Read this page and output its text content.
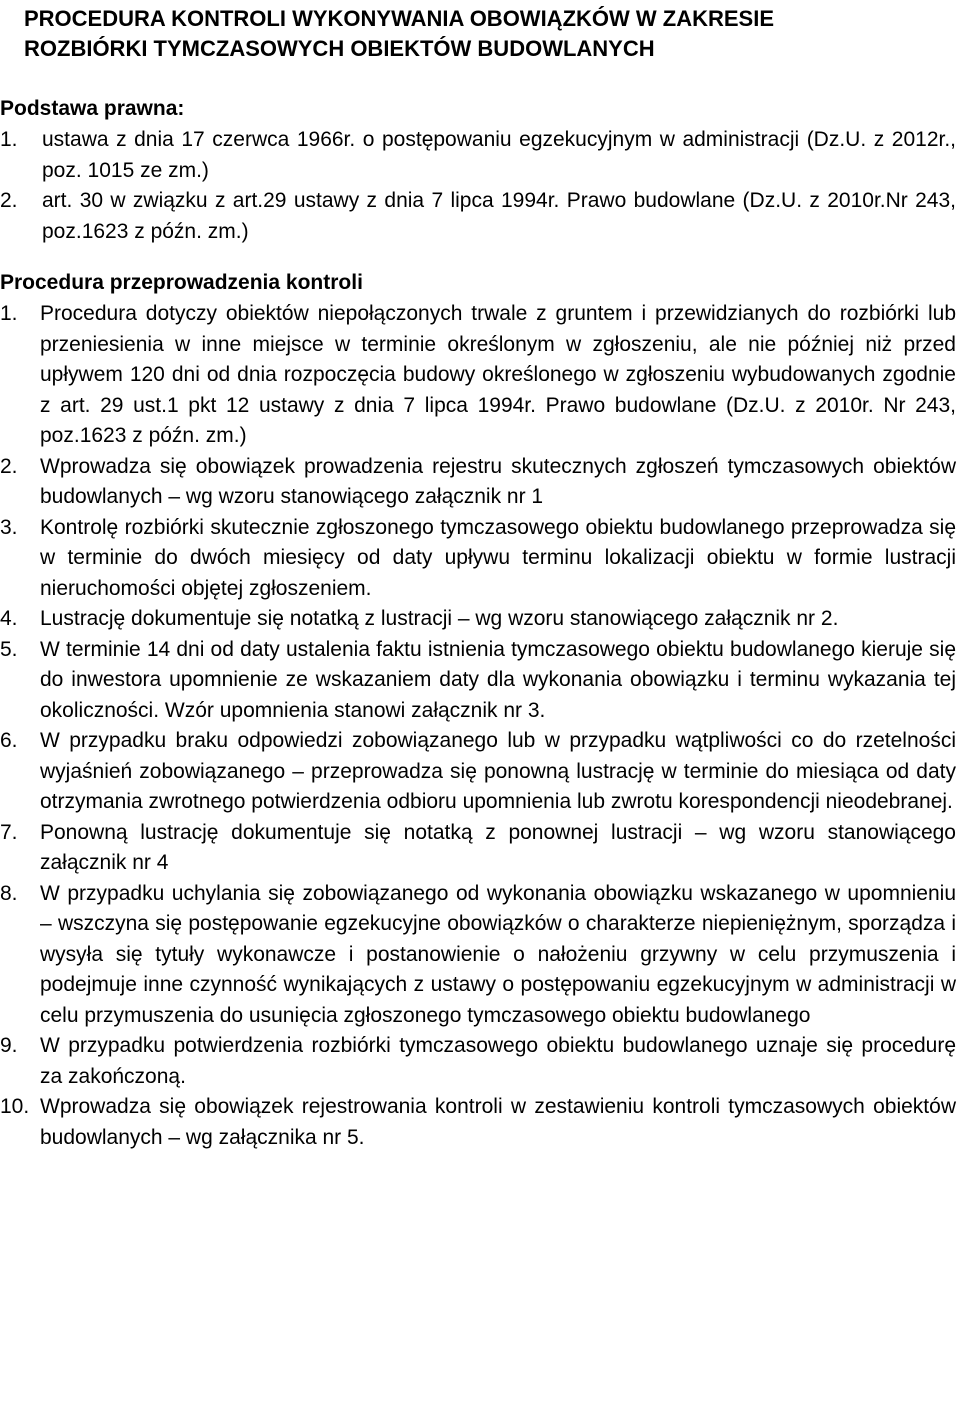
PROCEDURA KONTROLI WYKONYWANIA OBOWIĄZKÓW W ZAKRESIE
ROZBIÓRKI TYMCZASOWYCH OBIEKTÓW BUDOWLANYCH
Podstawa prawna:
1.	ustawa z dnia 17 czerwca 1966r. o postępowaniu egzekucyjnym w administracji (Dz.U. z 2012r., poz. 1015 ze zm.)
2.	art. 30 w związku z art.29 ustawy z dnia 7 lipca 1994r. Prawo budowlane (Dz.U. z 2010r.Nr 243, poz.1623 z późn. zm.)
Procedura przeprowadzenia kontroli
1.	Procedura dotyczy obiektów niepołączonych trwale z gruntem i przewidzianych do rozbiórki lub przeniesienia w inne miejsce w terminie określonym w zgłoszeniu, ale nie później niż przed upływem 120 dni od dnia rozpoczęcia budowy określonego w zgłoszeniu wybudowanych zgodnie z art. 29 ust.1 pkt 12 ustawy z dnia 7 lipca 1994r. Prawo budowlane (Dz.U. z 2010r. Nr 243, poz.1623 z późn. zm.)
2.	Wprowadza się obowiązek prowadzenia rejestru skutecznych zgłoszeń tymczasowych obiektów budowlanych – wg wzoru stanowiącego załącznik nr 1
3.	Kontrolę rozbiórki skutecznie zgłoszonego tymczasowego obiektu budowlanego przeprowadza się w terminie do dwóch miesięcy od daty upływu terminu lokalizacji obiektu w formie lustracji nieruchomości objętej zgłoszeniem.
4.	Lustrację dokumentuje się notatką z lustracji – wg wzoru stanowiącego załącznik nr 2.
5.	W terminie 14 dni od daty ustalenia faktu istnienia tymczasowego obiektu budowlanego kieruje się do inwestora upomnienie ze wskazaniem daty dla wykonania obowiązku i terminu wykazania tej okoliczności. Wzór upomnienia stanowi załącznik nr 3.
6.	W przypadku braku odpowiedzi zobowiązanego lub w przypadku wątpliwości co do rzetelności wyjaśnień zobowiązanego – przeprowadza się ponowną lustrację w terminie do miesiąca od daty otrzymania zwrotnego potwierdzenia odbioru upomnienia lub zwrotu korespondencji nieodebranej.
7.	Ponowną lustrację dokumentuje się notatką z ponownej lustracji – wg wzoru stanowiącego załącznik nr 4
8.	W przypadku uchylania się zobowiązanego od wykonania obowiązku wskazanego w upomnieniu – wszczyna się postępowanie egzekucyjne obowiązków o charakterze niepieniężnym, sporządza i wysyła się tytuły wykonawcze i postanowienie o nałożeniu grzywny w celu przymuszenia i podejmuje inne czynność wynikających z ustawy o postępowaniu egzekucyjnym w administracji w celu przymuszenia do usunięcia zgłoszonego tymczasowego obiektu budowlanego
9.	W przypadku potwierdzenia rozbiórki tymczasowego obiektu budowlanego uznaje się procedurę za zakończoną.
10. Wprowadza się obowiązek rejestrowania kontroli w zestawieniu kontroli tymczasowych obiektów budowlanych – wg załącznika nr 5.
